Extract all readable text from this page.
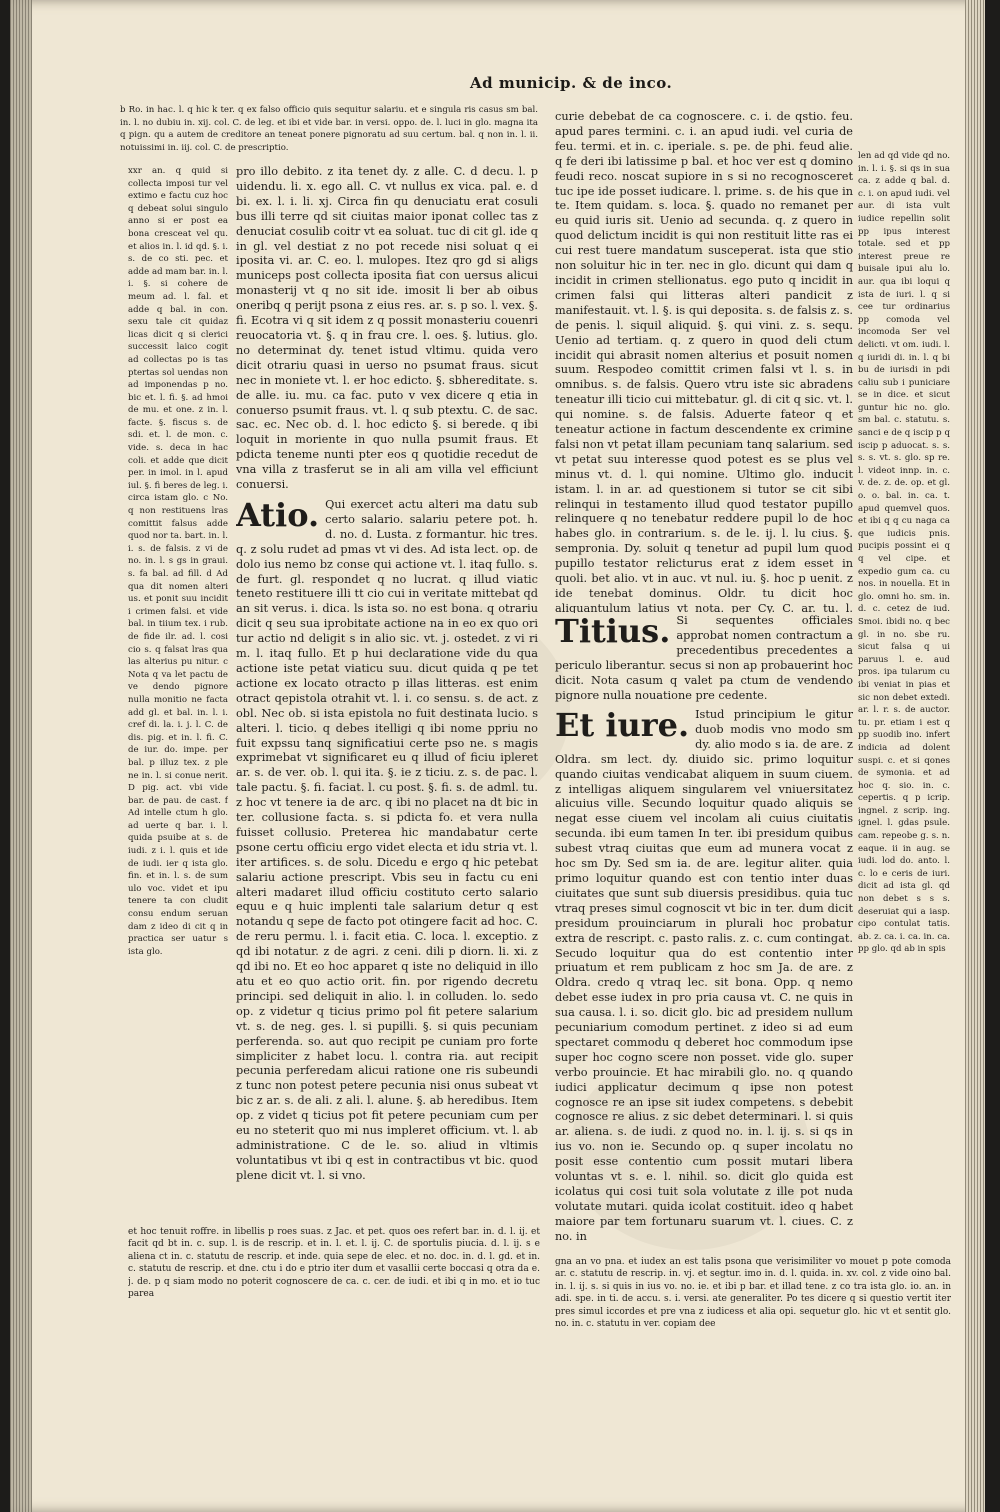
Ad municip. & de inco.

b Ro. in hac. l. q hic k ter. q ex falso officio quis sequitur salariu. et e singula ris casus sm bal. in. l. no dubiu in. xij. col. C. de leg. et ibi et vide bar. in versi. oppo. de. l. luci in glo. magna ita q pign. qu a autem de creditore an teneat ponere pignoratu ad suu certum. bal. q non in. l. ii. notuissimi in. iij. col. C. de prescriptio.

xxr an. q quid si collecta imposi tur vel extimo e factu cuz hoc q debeat solui singulo anno si er post ea bona cresceat vel qu. et alios in. l. id qd. §. i. s. de co sti. pec. et adde ad mam bar. in. l. i. §. si cohere de meum ad. l. fal. et adde q bal. in con. sexu tale cit quidaz licas dicit q si clerici successit laico cogit ad collectas po is tas ptertas sol uendas non ad imponendas p no. bic et. l. fi. §. ad hmoi de mu. et one. z in. l. facte. §. fiscus s. de sdi. et. l. de mon. c. vide. s. deca in hac coli. et adde que dicit per. in imol. in l. apud iul. §. fi beres de leg. i. circa istam glo. c No. q non restituens lras comittit falsus adde quod nor ta. bart. in. l. i. s. de falsis. z vi de no. in. l. s gs in graui. s. fa bal. ad fill. d Ad qua dit nomen alteri us. et ponit suu incidit i crimen falsi. et vide bal. in tiium tex. i rub. de fide ilr. ad. l. cosi cio s. q falsat lras qua las alterius pu nitur. c Nota q va let pactu de ve dendo pignore nulla monitio ne facta add gl. et bal. in. l. i. cref di. la. i. j. l. C. de dis. pig. et in. l. fi. C. de iur. do. impe. per bal. p illuz tex. z ple ne in. l. si conue nerit. D pig. act. vbi vide bar. de pau. de cast. f Ad intelle ctum h glo. ad uerte q bar. i. l. quida psuibe at s. de iudi. z i. l. quis et ide de iudi. ier q ista glo. fin. et in. l. s. de sum ulo voc. videt et ipu tenere ta con cludit consu endum seruan dam z ideo di cit q in practica ser uatur s ista glo.

pro illo debito. z ita tenet dy. z alle. C. d decu. l. p uidendu. li. x. ego all. C. vt nullus ex vica. pal. e. d bi. ex. l. i. li. xj. Circa fin qu denuciatu erat cosuli bus illi terre qd sit ciuitas maior iponat collec tas z denuciat cosulib coitr vt ea soluat. tuc di cit gl. ide q in gl. vel destiat z no pot recede nisi soluat q ei iposita vi. ar. C. eo. l. mulopes. Itez qro gd si aligs municeps post collecta iposita fiat con uersus alicui monasterij vt q no sit ide. imosit li ber ab oibus oneribq q perijt psona z eius res. ar. s. p so. l. vex. §. fi. Ecotra vi q sit idem z q possit monasteriu couenri reuocatoria vt. §. q in frau cre. l. oes. §. lutius. glo. no determinat dy. tenet istud vltimu. quida vero dicit otrariu quasi in uerso no psumat fraus. sicut nec in moniete vt. l. er hoc edicto. §. sbhereditate. s. de alle. iu. mu. ca fac. puto v vex dicere q etia in conuerso psumit fraus. vt. l. q sub ptextu. C. de sac. sac. ec. Nec ob. d. l. hoc edicto §. si berede. q ibi loquit in moriente in quo nulla psumit fraus. Et pdicta teneme nunti pter eos q quotidie recedut de vna villa z trasferut se in ali am villa vel efficiunt conuersi.

Atio. Qui exercet actu alteri ma datu sub certo salario. salariu petere pot. h. d. no. d. Lusta. z formantur. hic tres. q. z solu rudet ad pmas vt vi des. Ad ista lect. op. de dolo ius nemo bz conse qui actione vt. l. itaq fullo. s. de furt. gl. respondet q no lucrat. q illud viatic teneto restituere illi tt cio cui in veritate mittebat qd an sit verus. i. dica. ls ista so. no est bona. q otrariu dicit q seu sua iprobitate actione na in eo ex quo ori tur actio nd deligit s in alio sic. vt. j. ostedet. z vi ri m. l. itaq fullo. Et p hui declaratione vide du qua actione iste petat viaticu suu. dicut quida q pe tet actione ex locato otracto p illas litteras. est enim otract qepistola otrahit vt. l. i. co sensu. s. de act. z obl. Nec ob. si ista epistola no fuit destinata lucio. s alteri. l. ticio. q debes itelligi q ibi nome ppriu no fuit expssu tanq significatiui certe pso ne. s magis exprimebat vt significaret eu q illud of ficiu ipleret ar. s. de ver. ob. l. qui ita. §. ie z ticiu. z. s. de pac. l. tale pactu. §. fi. faciat. l. cu post. §. fi. s. de adml. tu. z hoc vt tenere ia de arc. q ibi no placet na dt bic in ter. collusione facta. s. si pdicta fo. et vera nulla fuisset collusio. Preterea hic mandabatur certe psone certu officiu ergo videt electa et idu stria vt. l. iter artifices. s. de solu. Dicedu e ergo q hic petebat salariu actione prescript. Vbis seu in factu cu eni alteri madaret illud officiu costituto certo salario equu e q huic implenti tale salarium detur q est notandu q sepe de facto pot otingere facit ad hoc. C. de reru permu. l. i. facit etia. C. loca. l. exceptio. z qd ibi notatur. z de agri. z ceni. dili p diorn. li. xi. z qd ibi no. Et eo hoc apparet q iste no deliquid in illo atu et eo quo actio orit. fin. por rigendo decretu principi. sed deliquit in alio. l. in colluden. lo. sedo op. z videtur q ticius primo pol fit petere salarium vt. s. de neg. ges. l. si pupilli. §. si quis pecuniam perferenda. so. aut quo recipit pe cuniam pro forte simpliciter z habet locu. l. contra ria. aut recipit pecunia perferedam alicui ratione one ris subeundi z tunc non potest petere pecunia nisi onus subeat vt bic z ar. s. de ali. z ali. l. alune. §. ab heredibus. Item op. z videt q ticius pot fit petere pecuniam cum per eu no steterit quo mi nus impleret officium. vt. l. ab administratione. C de le. so. aliud in vltimis voluntatibus vt ibi q est in contractibus vt bic. quod plene dicit vt. l. si vno.

et hoc tenuit roffre. in libellis p roes suas. z Jac. et pet. quos oes refert bar. in. d. l. ij. et facit qd bt in. c. sup. l. is de rescrip. et in. l. et. l. ij. C. de sportulis piucia. d. l. ij. s e aliena ct in. c. statutu de rescrip. et inde. quia sepe de elec. et no. doc. in. d. l. gd. et in. c. statutu de rescrip. et dne. ctu i do e ptrio iter dum et vasallii certe boccasi q otra da e. j. de. p q siam modo no poterit cognoscere de ca. c. cer. de iudi. et ibi q in mo. et io tuc parea

curie debebat de ca cognoscere. c. i. de qstio. feu. apud pares termini. c. i. an apud iudi. vel curia de feu. termi. et in. c. iperiale. s. pe. de phi. feud alie. q fe deri ibi latissime p bal. et hoc ver est q domino feudi reco. noscat supiore in s si no recognosceret tuc ipe ide posset iudicare. l. prime. s. de his que in te. Item quidam. s. loca. §. quado no remanet per eu quid iuris sit. Uenio ad secunda. q. z quero in quod delictum incidit is qui non restituit litte ras ei cui rest tuere mandatum susceperat. ista que stio non soluitur hic in ter. nec in glo. dicunt qui dam q incidit in crimen stellionatus. ego puto q incidit in crimen falsi qui litteras alteri pandicit z manifestauit. vt. l. §. is qui deposita. s. de falsis z. s. de penis. l. siquil aliquid. §. qui vini. z. s. sequ. Uenio ad tertiam. q. z quero in quod deli ctum incidit qui abrasit nomen alterius et posuit nomen suum. Respodeo comittit crimen falsi vt l. s. in omnibus. s. de falsis. Quero vtru iste sic abradens teneatur illi ticio cui mittebatur. gl. di cit q sic. vt. l. qui nomine. s. de falsis. Aduerte fateor q et teneatur actione in factum descendente ex crimine falsi non vt petat illam pecuniam tanq salarium. sed vt petat suu interesse quod potest es se plus vel minus vt. d. l. qui nomine. Ultimo glo. inducit istam. l. in ar. ad questionem si tutor se cit sibi relinqui in testamento illud quod testator pupillo relinquere q no tenebatur reddere pupil lo de hoc habes glo. in contrarium. s. de le. ij. l. lu cius. §. sempronia. Dy. soluit q tenetur ad pupil lum quod pupillo testator relicturus erat z idem esset in quoli. bet alio. vt in auc. vt nul. iu. §. hoc p uenit. z ide tenebat dominus. Oldr. tu dicit hoc aliquantulum latius vt nota. per Cy. C. ar. tu. l.

Titius. Si sequentes officiales approbat nomen contractum a precedentibus precedentes a periculo liberantur. secus si non ap probauerint hoc dicit. Nota casum q valet pa ctum de vendendo pignore nulla nouatione pre cedente.

Et iure. Istud principium le gitur duob modis vno modo sm dy. alio modo s ia. de are. z Oldra. sm lect. dy. diuido sic. primo loquitur quando ciuitas vendicabat aliquem in suum ciuem. z intelligas aliquem singularem vel vniuersitatez alicuius ville. Secundo loquitur quado aliquis se negat esse ciuem vel incolam ali cuius ciuitatis secunda. ibi eum tamen In ter. ibi presidum quibus subest vtraq ciuitas que eum ad munera vocat z hoc sm Dy. Sed sm ia. de are. legitur aliter. quia primo loquitur quando est con tentio inter duas ciuitates que sunt sub diuersis presidibus. quia tuc vtraq preses simul cognoscit vt bic in ter. dum dicit presidum prouinciarum in plurali hoc probatur extra de rescript. c. pasto ralis. z. c. cum contingat. Secudo loquitur qua do est contentio inter priuatum et rem publicam z hoc sm Ja. de are. z Oldra. credo q vtraq lec. sit bona. Opp. q nemo debet esse iudex in pro pria causa vt. C. ne quis in sua causa. l. i. so. dicit glo. bic ad presidem nullum pecuniarium comodum pertinet. z ideo si ad eum spectaret commodu q deberet hoc commodum ipse super hoc cogno scere non posset. vide glo. super verbo prouincie. Et hac mirabili glo. no. q quando iudici applicatur decimum q ipse non potest cognosce re an ipse sit iudex competens. s debebit cognosce re alius. z sic debet determinari. l. si quis ar. aliena. s. de iudi. z quod no. in. l. ij. s. si qs in ius vo. non ie. Secundo op. q super incolatu no posit esse contentio cum possit mutari libera voluntas vt s. e. l. nihil. so. dicit glo quida est icolatus qui cosi tuit sola volutate z ille pot nuda volutate mutari. quida icolat costituit. ideo q habet maiore par tem fortunaru suarum vt. l. ciues. C. z no. in

len ad qd vide qd no. in. l. i. §. si qs in sua ca. z adde q bal. d. c. i. on apud iudi. vel aur. di ista vult iudice repellin solit pp ipus interest totale. sed et pp interest preue re buisale ipui alu lo. aur. qua ibi loqui q ista de iuri. l. q si cee tur ordinarius pp comoda vel incomoda Ser vel delicti. vt om. iudi. l. q iuridi di. in. l. q bi bu de iurisdi in pdi caliu sub i puniciare se in dice. et sicut guntur hic no. glo. sm bal. c. statutu. s. sanci e de q iscip p q iscip p aduocat. s. s. s. s. vt. s. glo. sp re. l. videot innp. in. c. v. de. z. de. op. et gl. o. o. bal. in. ca. t. apud quemvel quos. et ibi q q cu naga ca que iudicis pnis. pucipis possint ei q q vel cipe. et expedio gum ca. cu nos. in nouella. Et in glo. omni ho. sm. in. d. c. cetez de iud. Smoi. ibidi no. q bec gl. in no. sbe ru. sicut falsa q ui paruus l. e. aud pros. ipa tularum cu ibi veniat in pias et sic non debet extedi. ar. l. r. s. de auctor. tu. pr. etiam i est q pp suodib ino. infert indicia ad dolent suspi. c. et si qones de symonia. et ad hoc q. sio. in. c. cepertis. q p icrip. ingnel. z scrip. ing. ignel. l. gdas psule. cam. repeobe g. s. n. eaque. ii in aug. se iudi. lod do. anto. l. c. lo e ceris de iuri. dicit ad ista gl. qd non debet s s s. deseruiat qui a iasp. cipo contulat tatis. ab. z. ca. i. ca. in. ca. pp glo. qd ab in spis

gna an vo pna. et iudex an est talis psona que verisimiliter vo mouet p pote comoda ar. c. statutu de rescrip. in. vj. et segtur. imo in. d. l. quida. in. xv. col. z vide oino bal. in. l. ij. s. si quis in ius vo. no. ie. et ibi p bar. et illad tene. z co tra ista glo. io. an. in adi. spe. in ti. de accu. s. i. versi. ate generaliter. Po tes dicere q si questio vertit iter pres simul iccordes et pre vna z iudicess et alia opi. sequetur glo. hic vt et sentit glo. no. in. c. statutu in ver. copiam dee
